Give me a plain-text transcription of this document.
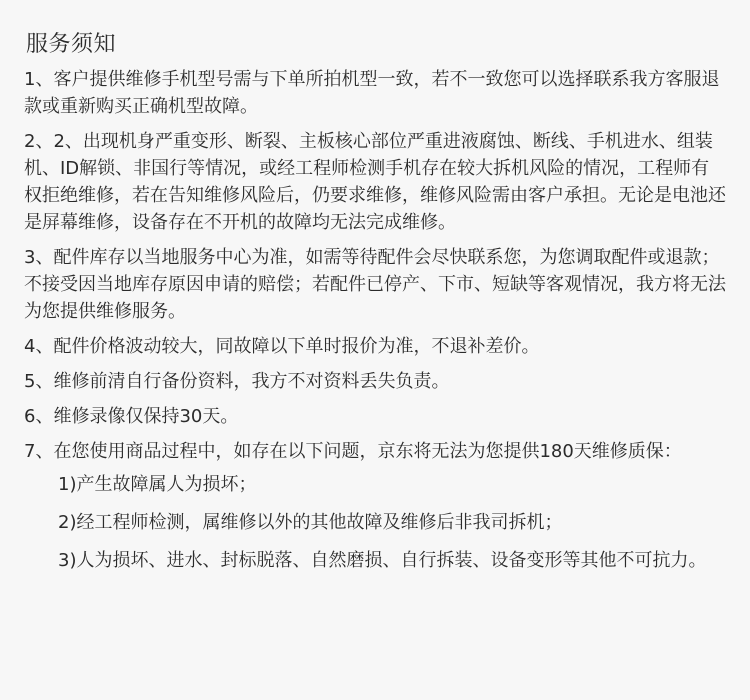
服务须知
1、客户提供维修手机型号需与下单所拍机型一致，若不一致您可以选择联系我方客服退款或重新购买正确机型故障。
2、2、出现机身严重变形、断裂、主板核心部位严重进液腐蚀、断线、手机进水、组装机、ID解锁、非国行等情况，或经工程师检测手机存在较大拆机风险的情况，工程师有权拒绝维修，若在告知维修风险后，仍要求维修，维修风险需由客户承担。无论是电池还是屏幕维修，设备存在不开机的故障均无法完成维修。
3、配件库存以当地服务中心为准，如需等待配件会尽快联系您，为您调取配件或退款；不接受因当地库存原因申请的赔偿；若配件已停产、下市、短缺等客观情况，我方将无法为您提供维修服务。
4、配件价格波动较大，同故障以下单时报价为准，不退补差价。
5、维修前清自行备份资料，我方不对资料丢失负责。
6、维修录像仅保持30天。
7、在您使用商品过程中，如存在以下问题，京东将无法为您提供180天维修质保：
1)产生故障属人为损坏；
2)经工程师检测，属维修以外的其他故障及维修后非我司拆机；
3)人为损坏、进水、封标脱落、自然磨损、自行拆装、设备变形等其他不可抗力。
